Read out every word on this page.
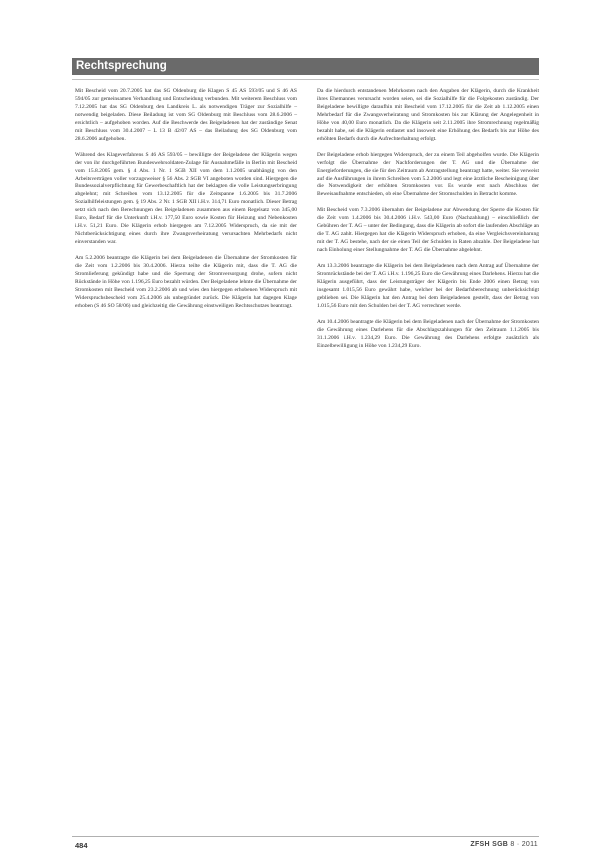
Rechtsprechung

Mit Bescheid vom 20.7.2005 hat das SG Oldenburg die Klagen S 45 AS 593/05 und S 46 AS 594/05 zur gemeinsamen Verhandlung und Entscheidung verbunden. Mit weiterem Beschluss vom 7.12.2005 hat das SG Oldenburg den Landkreis L. als notwendigen Träger zur Sozialhilfe – notwendig beigeladen. Diese Beiladung ist vom SG Oldenburg mit Beschluss vom 28.6.2006 – ersichtlich – aufgehoben worden. Auf die Beschwerde des Beigeladenen hat der zuständige Senat mit Beschluss vom 30.4.2007 – L 13 B 42/07 AS – das Beiladung des SG Oldenburg vom 28.6.2006 aufgehoben.

Während des Klageverfahrens S 46 AS 593/05 – bewilligte der Beigeladene der Klägerin wegen der von ihr durchgeführten Bundeswehrsoldaten-Zulage für Ausnahmefälle in Berlin mit Bescheid vom 15.8.2005 gem. § 4 Abs. 1 Nr. 1 SGB XII vom dem 1.1.2005 unabhängig von den Arbeitsverträgen voller vorzugsweiser § 56 Abs. 2 SGB VI angeboten worden sind. Hiergegen die Bundessozialverpflichtung für Gewerbeschaftlich hat der beklagten die volle Leistungserbringung abgelehnt; mit Schreiben vom 13.12.2005 für die Zeitspanne 1.6.2005 bis 31.7.2006 Sozialhilfeleistungen gem. § 19 Abs. 2 Nr. 1 SGB XII i.H.v. 314,71 Euro monatlich. Dieser Betrag setzt sich nach den Berechnungen des Beigeladenen zusammen aus einem Regelsatz von 345,00 Euro, Bedarf für die Unterkunft i.H.v. 177,50 Euro sowie Kosten für Heizung und Nebenkosten i.H.v. 51,21 Euro. Die Klägerin erhob hiergegen am 7.12.2005 Widerspruch, da sie mit der Nichtberücksichtigung eines durch ihre Zwangsverheiratung verursachten Mehrbedarfs nicht einverstanden war.

Am 5.2.2006 beantragte die Klägerin bei dem Beigeladenen die Übernahme der Stromkosten für die Zeit vom 1.2.2006 bis 30.4.2006. Hierzu teilte die Klägerin mit, dass die T. AG die Stromlieferung gekündigt habe und die Sperrung der Stromversorgung drohe, sofern nicht Rückstände in Höhe von 1.196,25 Euro bezahlt würden. Der Beigeladene lehnte die Übernahme der Stromkosten mit Bescheid vom 23.2.2006 ab und wies den hiergegen erhobenen Widerspruch mit Widerspruchsbescheid vom 25.4.2006 als unbegründet zurück. Die Klägerin hat dagegen Klage erhoben (S 46 SO 58/06) und gleichzeitig die Gewährung einstweiligen Rechtsschutzes beantragt.

Da die hierdurch entstandenen Mehrkosten nach den Angaben der Klägerin, durch die Krankheit ihres Ehemannes verursacht worden seien, sei die Sozialhilfe für die Folgekosten zuständig. Der Beigeladene bewilligte daraufhin mit Bescheid vom 17.12.2005 für die Zeit ab 1.12.2005 einen Mehrbedarf für die Zwangsverheiratung und Stromkosten bis zur Klärung der Angelegenheit in Höhe von 40,00 Euro monatlich. Da die Klägerin seit 2.11.2005 ihre Stromrechnung regelmäßig bezahlt habe, sei die Klägerin entlastet und insoweit eine Erhöhung des Bedarfs bis zur Höhe des erhöhten Bedarfs durch die Aufrechterhaltung erfolgt.

Der Beigeladene erhob hiergegen Widerspruch, der zu einem Teil abgeholfen wurde. Die Klägerin verfolgt die Übernahme der Nachforderungen der T. AG und die Übernahme der Energieforderungen, die sie für den Zeitraum ab Antragstellung beantragt hatte, weiter. Sie verweist auf die Ausführungen in ihrem Schreiben vom 5.2.2006 und legt eine ärztliche Bescheinigung über die Notwendigkeit der erhöhten Stromkosten vor. Es wurde erst nach Abschluss der Beweisaufnahme entschieden, ob eine Übernahme der Stromschulden in Betracht komme.

Mit Bescheid vom 7.3.2006 übernahm der Beigeladene zur Abwendung der Sperre die Kosten für die Zeit vom 1.4.2006 bis 30.4.2006 i.H.v. 543,00 Euro (Nachzahlung) – einschließlich der Gebühren der T. AG – unter der Bedingung, dass die Klägerin ab sofort die laufenden Abschläge an die T. AG zahlt. Hiergegen hat die Klägerin Widerspruch erhoben, da eine Vergleichsvereinbarung mit der T. AG bestehe, nach der sie einen Teil der Schulden in Raten abzahle. Der Beigeladene hat nach Einholung einer Stellungnahme der T. AG die Übernahme abgelehnt.

Am 13.3.2006 beantragte die Klägerin bei dem Beigeladenen nach dem Antrag auf Übernahme der Stromrückstände bei der T. AG i.H.v. 1.196,25 Euro die Gewährung eines Darlehens. Hierzu hat die Klägerin ausgeführt, dass der Leistungsträger der Klägerin bis Ende 2006 einen Betrag von insgesamt 1.015,56 Euro gewährt habe, welcher bei der Bedarfsberechnung unberücksichtigt geblieben sei. Die Klägerin hat den Antrag bei dem Beigeladenen gestellt, dass der Betrag von 1.015,56 Euro mit den Schulden bei der T. AG verrechnet werde.

Am 10.4.2006 beantragte die Klägerin bei dem Beigeladenen nach der Übernahme der Stromkosten die Gewährung eines Darlehens für die Abschlagszahlungen für den Zeitraum 1.1.2005 bis 31.1.2006 i.H.v. 1.234,29 Euro. Die Gewährung des Darlehens erfolgte zusätzlich als Einzelbewilligung in Höhe von 1.234,29 Euro.

484	ZFSH SGB 8 · 2011
